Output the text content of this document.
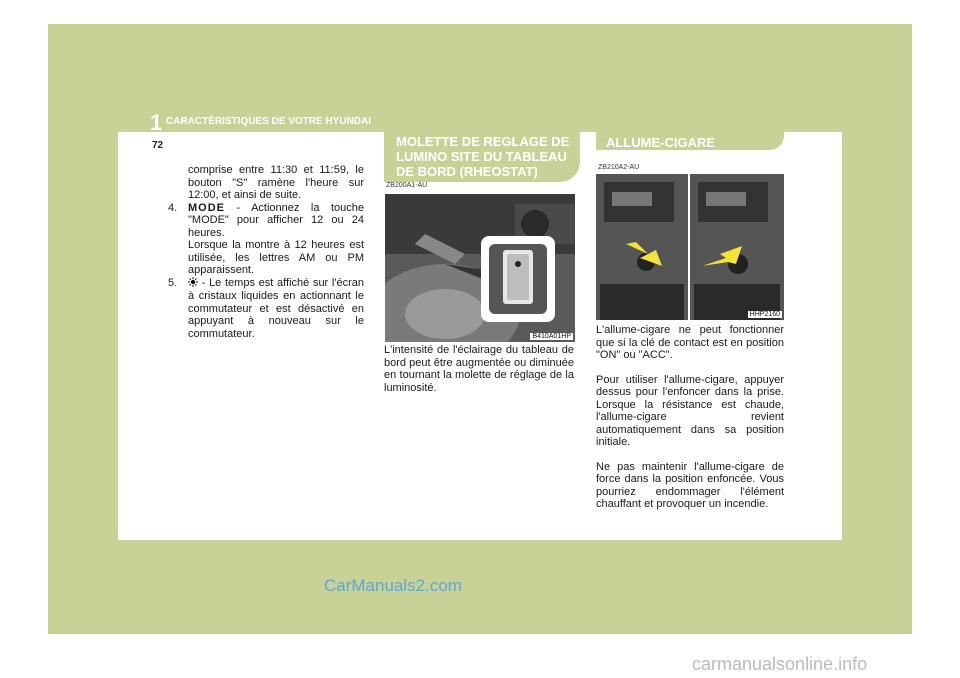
1 CARACTÉRISTIQUES DE VOTRE HYUNDAI
72
comprise entre 11:30 et 11:59, le bouton "S" ramène l'heure sur 12:00, et ainsi de suite.
4. MODE - Actionnez la touche "MODE" pour afficher 12 ou 24 heures.
Lorsque la montre à 12 heures est utilisée, les lettres AM ou PM apparaissent.
5. - Le temps est affiché sur l'écran à cristaux liquides en actionnant le commutateur et est désactivé en appuyant à nouveau sur le commutateur.
MOLETTE DE REGLAGE DE LUMINO SITE DU TABLEAU DE BORD (RHEOSTAT)
ZB200A1-AU
B410A01HP
L'intensité de l'éclairage du tableau de bord peut être augmentée ou diminuée en tournant la molette de réglage de la luminosité.
ALLUME-CIGARE
ZB210A2-AU
HHP2160

L'allume-cigare ne peut fonctionner que si la clé de contact est en position "ON" ou "ACC".

Pour utiliser l'allume-cigare, appuyer dessus pour l'enfoncer dans la prise. Lorsque la résistance est chaude, l'allume-cigare revient automatiquement dans sa position initiale.

Ne pas maintenir l'allume-cigare de force dans la position enfoncée. Vous pourriez endommager l'élément chauffant et provoquer un incendie.

CarManuals2.com
carmanualsonline.info
